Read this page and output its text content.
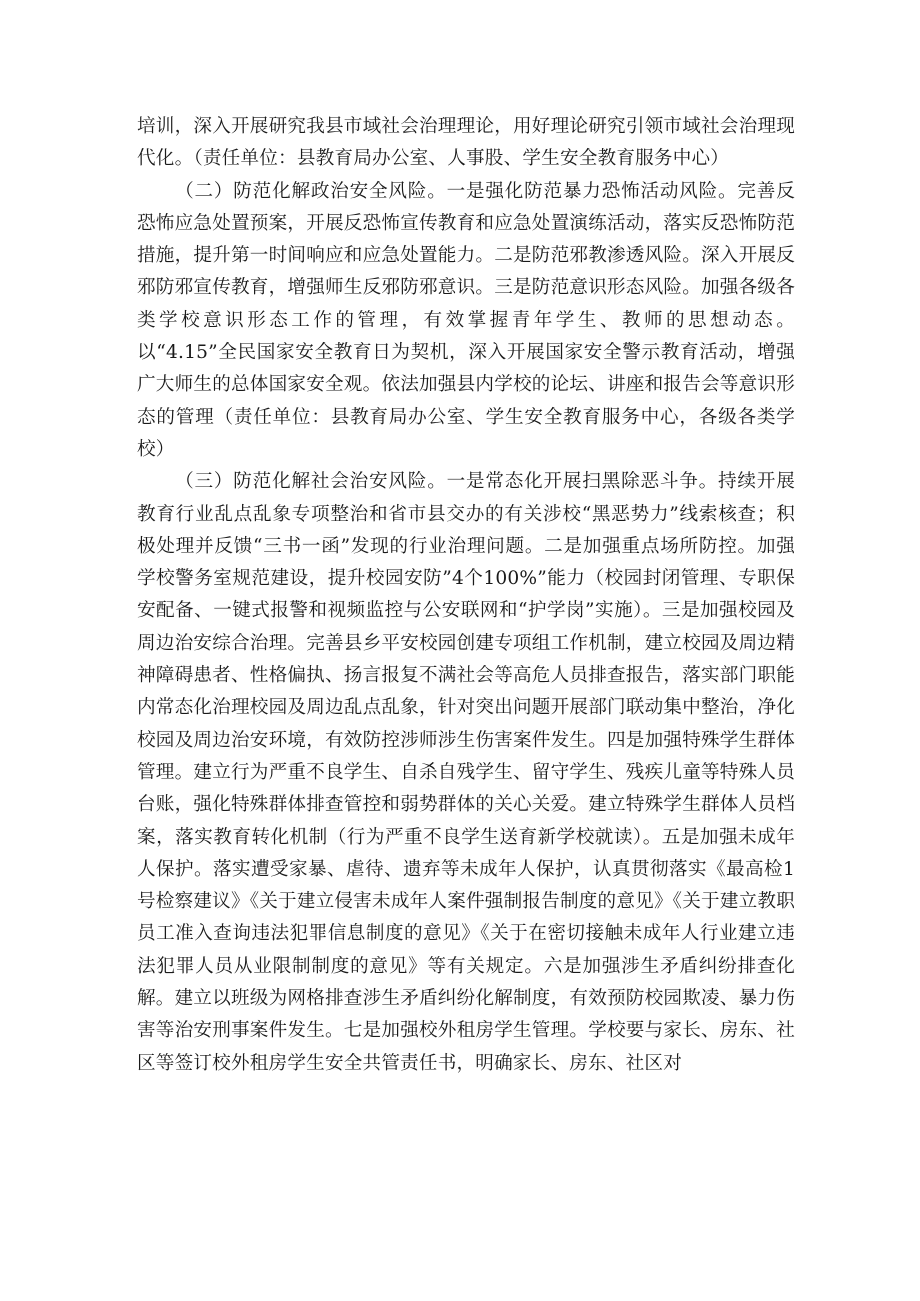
培训，深入开展研究我县市域社会治理理论，用好理论研究引领市域社会治理现代化。（责任单位：县教育局办公室、人事股、学生安全教育服务中心）

（二）防范化解政治安全风险。一是强化防范暴力恐怖活动风险。完善反恐怖应急处置预案，开展反恐怖宣传教育和应急处置演练活动，落实反恐怖防范措施，提升第一时间响应和应急处置能力。二是防范邪教渗透风险。深入开展反邪防邪宣传教育，增强师生反邪防邪意识。三是防范意识形态风险。加强各级各类学校意识形态工作的管理，有效掌握青年学生、教师的思想动态。以“4.15”全民国家安全教育日为契机，深入开展国家安全警示教育活动，增强广大师生的总体国家安全观。依法加强县内学校的论坛、讲座和报告会等意识形态的管理（责任单位：县教育局办公室、学生安全教育服务中心，各级各类学校）

（三）防范化解社会治安风险。一是常态化开展扫黑除恶斗争。持续开展教育行业乱点乱象专项整治和省市县交办的有关涉校“黑恶势力”线索核查；积极处理并反馈“三书一函”发现的行业治理问题。二是加强重点场所防控。加强学校警务室规范建设，提升校园安防”4个100%”能力（校园封闭管理、专职保安配备、一键式报警和视频监控与公安联网和“护学岗”实施）。三是加强校园及周边治安综合治理。完善县乡平安校园创建专项组工作机制，建立校园及周边精神障碍患者、性格偏执、扬言报复不满社会等高危人员排查报告，落实部门职能内常态化治理校园及周边乱点乱象，针对突出问题开展部门联动集中整治，净化校园及周边治安环境，有效防控涉师涉生伤害案件发生。四是加强特殊学生群体管理。建立行为严重不良学生、自杀自残学生、留守学生、残疾儿童等特殊人员台账，强化特殊群体排查管控和弱势群体的关心关爱。建立特殊学生群体人员档案，落实教育转化机制（行为严重不良学生送育新学校就读）。五是加强未成年人保护。落实遭受家暴、虐待、遗弃等未成年人保护，认真贯彻落实《最高检1号检察建议》《关于建立侵害未成年人案件强制报告制度的意见》《关于建立教职员工准入查询违法犯罪信息制度的意见》《关于在密切接触未成年人行业建立违法犯罪人员从业限制制度的意见》等有关规定。六是加强涉生矛盾纠纷排查化解。建立以班级为网格排查涉生矛盾纠纷化解制度，有效预防校园欺凌、暴力伤害等治安刑事案件发生。七是加强校外租房学生管理。学校要与家长、房东、社区等签订校外租房学生安全共管责任书，明确家长、房东、社区对
